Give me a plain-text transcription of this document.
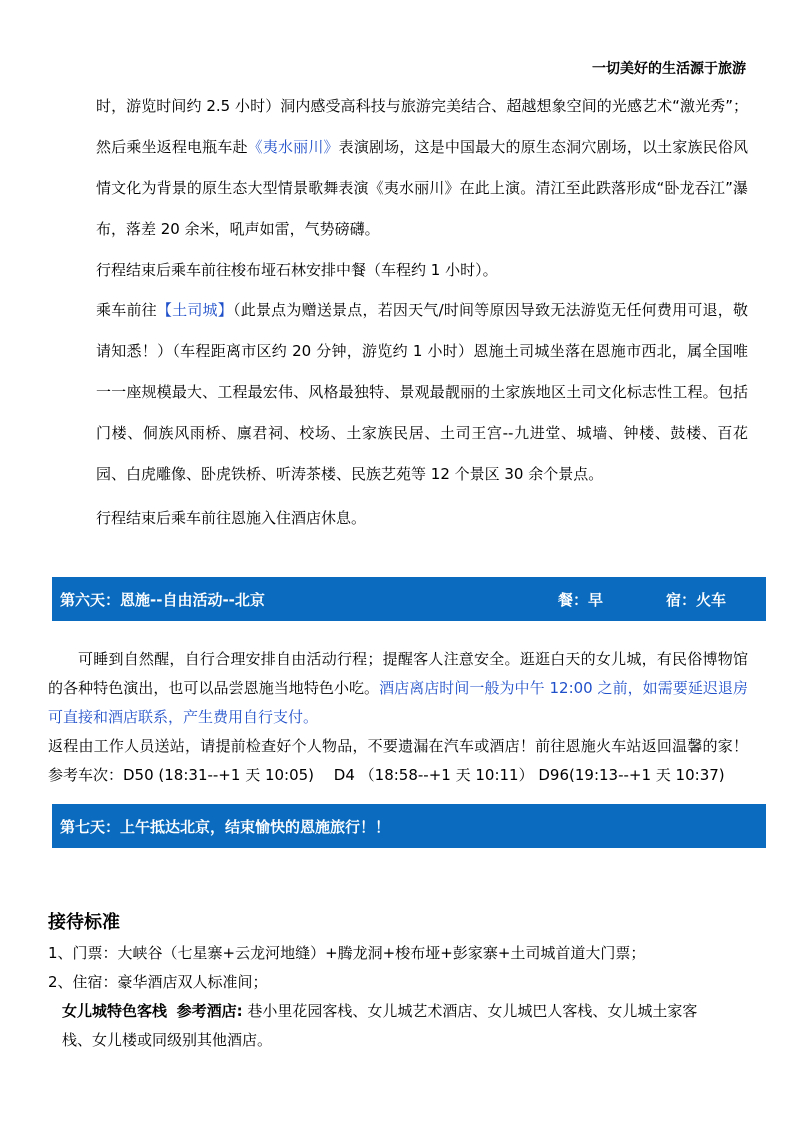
一切美好的生活源于旅游

时，游览时间约 2.5 小时）洞内感受高科技与旅游完美结合、超越想象空间的光感艺术“激光秀”；然后乘坐返程电瓶车赴《夷水丽川》表演剧场，这是中国最大的原生态洞穴剧场，以土家族民俗风情文化为背景的原生态大型情景歌舞表演《夷水丽川》在此上演。清江至此跌落形成“卧龙吞江”瀑布，落差 20 余米，吼声如雷，气势磅礴。

行程结束后乘车前往梭布垭石林安排中餐（车程约 1 小时）。

乘车前往【土司城】（此景点为赠送景点，若因天气/时间等原因导致无法游览无任何费用可退，敬请知悉！）（车程距离市区约 20 分钟，游览约 1 小时）恩施土司城坐落在恩施市西北，属全国唯一一座规模最大、工程最宏伟、风格最独特、景观最靓丽的土家族地区土司文化标志性工程。包括门楼、侗族风雨桥、廪君祠、校场、土家族民居、土司王宫--九进堂、城墙、钟楼、鼓楼、百花园、白虎雕像、卧虎铁桥、听涛茶楼、民族艺苑等 12 个景区 30 余个景点。

行程结束后乘车前往恩施入住酒店休息。

第六天：恩施--自由活动--北京	餐：早	宿：火车

可睡到自然醒，自行合理安排自由活动行程；提醒客人注意安全。逛逛白天的女儿城，有民俗博物馆的各种特色演出，也可以品尝恩施当地特色小吃。酒店离店时间一般为中午 12:00 之前，如需要延迟退房可直接和酒店联系，产生费用自行支付。

返程由工作人员送站，请提前检查好个人物品，不要遗漏在汽车或酒店！前往恩施火车站返回温馨的家！参考车次：D50 (18:31--+1 天 10:05)　 D4 （18:58--+1 天 10:11） D96(19:13--+1 天 10:37)

第七天：上午抵达北京，结束愉快的恩施旅行！！
接待标准

1、门票：大峡谷（七星寨+云龙河地缝）+腾龙洞+梭布垭+彭家寨+土司城首道大门票；

2、住宿：豪华酒店双人标准间；

女儿城特色客栈 参考酒店: 巷小里花园客栈、女儿城艺术酒店、女儿城巴人客栈、女儿城土家客栈、女儿楼或同级别其他酒店。
